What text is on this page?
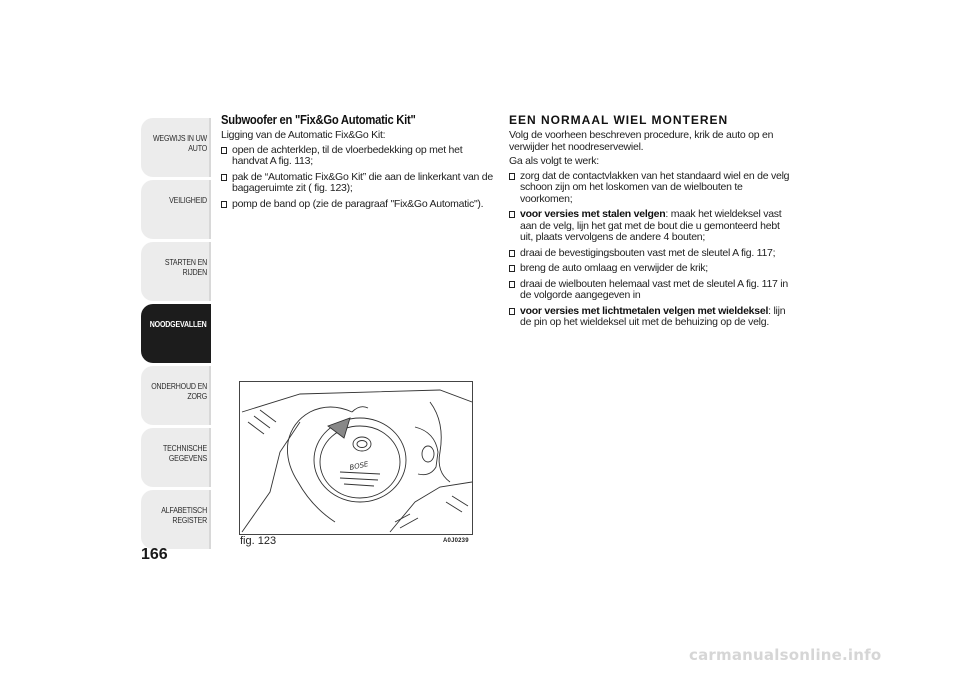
WEGWIJS IN UW AUTO
VEILIGHEID
STARTEN EN RIJDEN
NOODGEVALLEN
ONDERHOUD EN ZORG
TECHNISCHE GEGEVENS
ALFABETISCH REGISTER
166
Subwoofer en "Fix&Go Automatic Kit"

Ligging van de Automatic Fix&Go Kit:

open de achterklep, til de vloerbedekking op met het handvat A fig. 113;
pak de “Automatic Fix&Go Kit” die aan de linkerkant van de bagageruimte zit ( fig. 123);
pomp de band op (zie de paragraaf "Fix&Go Automatic").
EEN NORMAAL WIEL MONTEREN

Volg de voorheen beschreven procedure, krik de auto op en verwijder het noodreservewiel.

Ga als volgt te werk:

zorg dat de contactvlakken van het standaard wiel en de velg schoon zijn om het loskomen van de wielbouten te voorkomen;
voor versies met stalen velgen: maak het wieldeksel vast aan de velg, lijn het gat met de bout die u gemonteerd hebt uit, plaats vervolgens de andere 4 bouten;
draai de bevestigingsbouten vast met de sleutel A fig. 117;
breng de auto omlaag en verwijder de krik;
draai de wielbouten helemaal vast met de sleutel A fig. 117 in de volgorde aangegeven in
voor versies met lichtmetalen velgen met wieldeksel: lijn de pin op het wieldeksel uit met de behuizing op de velg.
BOSE
fig. 123	A0J0239
carmanualsonline.info
